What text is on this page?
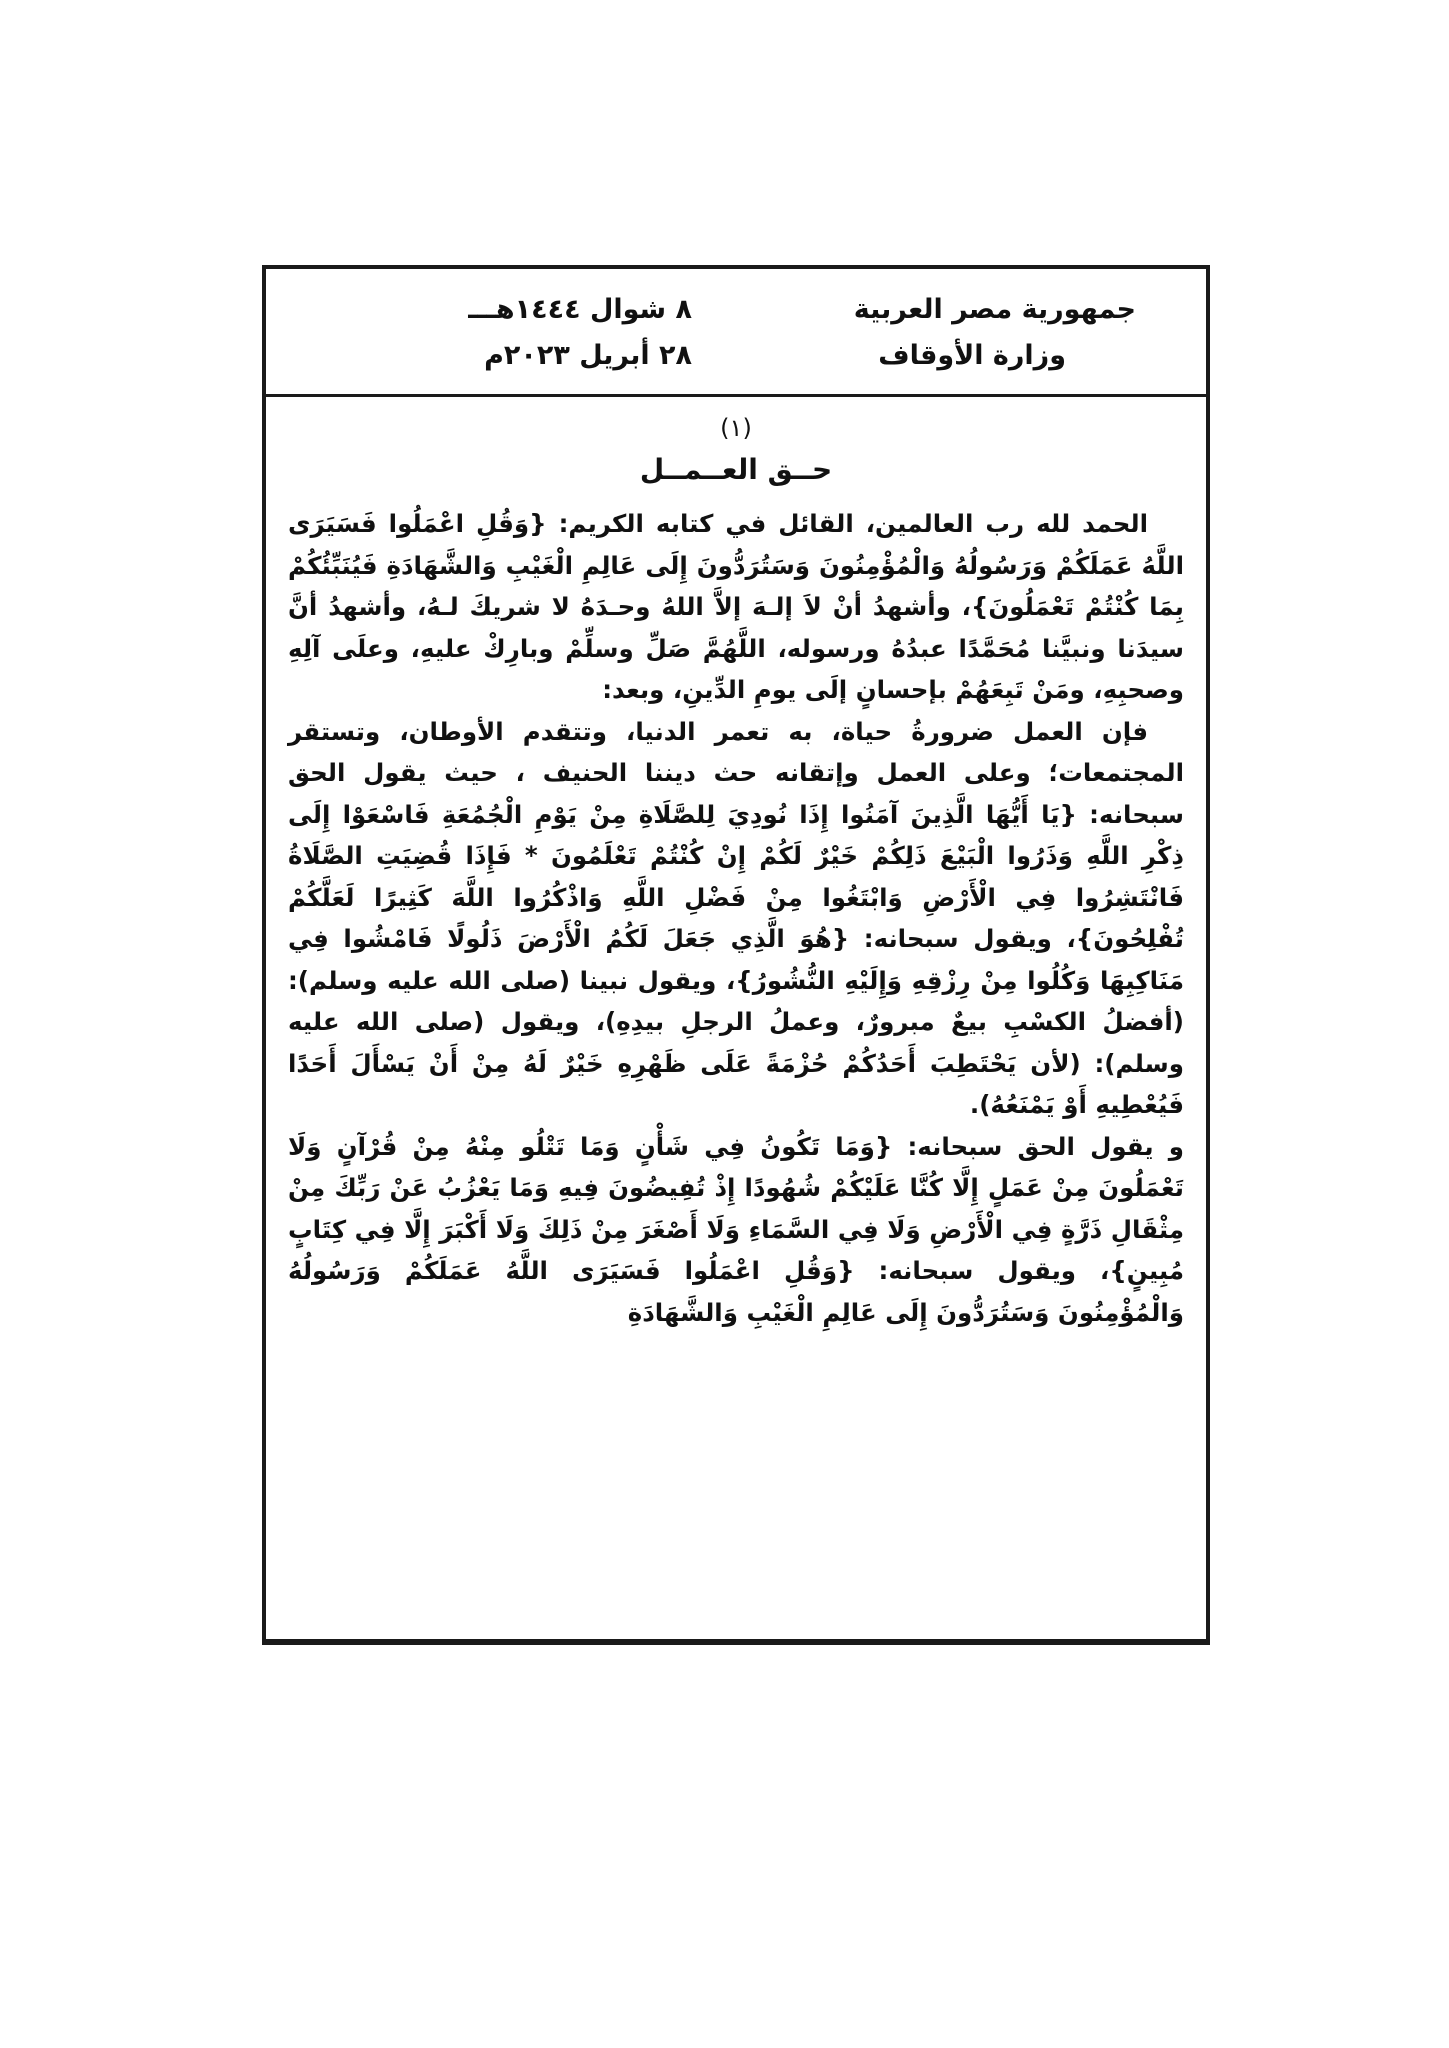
جمهورية مصر العربية
وزارة الأوقاف
٨ شوال ١٤٤٤هـــ
٢٨ أبريل ٢٠٢٣م
(١)
حــق العــمــل

الحمد لله رب العالمين، القائل في كتابه الكريم: {وَقُلِ اعْمَلُوا فَسَيَرَى اللَّهُ عَمَلَكُمْ وَرَسُولُهُ وَالْمُؤْمِنُونَ وَسَتُرَدُّونَ إِلَى عَالِمِ الْغَيْبِ وَالشَّهَادَةِ فَيُنَبِّئُكُمْ بِمَا كُنْتُمْ تَعْمَلُونَ}، وأشهدُ أنْ لاَ إلـهَ إلاَّ اللهُ وحـدَهُ لا شريكَ لـهُ، وأشهدُ أنَّ سيدَنا ونبيَّنا مُحَمَّدًا عبدُهُ ورسوله، اللَّهُمَّ صَلِّ وسلِّمْ وبارِكْ عليهِ، وعلَى آلِهِ وصحبِهِ، ومَنْ تَبِعَهُمْ بإحسانٍ إلَى يومِ الدِّينِ، وبعد:

فإن العمل ضرورةُ حياة، به تعمر الدنيا، وتتقدم الأوطان، وتستقر المجتمعات؛ وعلى العمل وإتقانه حث ديننا الحنيف ، حيث يقول الحق سبحانه: {يَا أَيُّهَا الَّذِينَ آمَنُوا إِذَا نُودِيَ لِلصَّلَاةِ مِنْ يَوْمِ الْجُمُعَةِ فَاسْعَوْا إِلَى ذِكْرِ اللَّهِ وَذَرُوا الْبَيْعَ ذَلِكُمْ خَيْرٌ لَكُمْ إِنْ كُنْتُمْ تَعْلَمُونَ * فَإِذَا قُضِيَتِ الصَّلَاةُ فَانْتَشِرُوا فِي الْأَرْضِ وَابْتَغُوا مِنْ فَضْلِ اللَّهِ وَاذْكُرُوا اللَّهَ كَثِيرًا لَعَلَّكُمْ تُفْلِحُونَ}، ويقول سبحانه: {هُوَ الَّذِي جَعَلَ لَكُمُ الْأَرْضَ ذَلُولًا فَامْشُوا فِي مَنَاكِبِهَا وَكُلُوا مِنْ رِزْقِهِ وَإِلَيْهِ النُّشُورُ}، ويقول نبينا (صلى الله عليه وسلم): (أفضلُ الكسْبِ بيعٌ مبرورٌ، وعملُ الرجلِ بيدِهِ)، ويقول (صلى الله عليه وسلم): (لأن يَحْتَطِبَ أَحَدُكُمْ حُزْمَةً عَلَى ظَهْرِهِ خَيْرٌ لَهُ مِنْ أَنْ يَسْأَلَ أَحَدًا فَيُعْطِيهِ أَوْ يَمْنَعُهُ).

و يقول الحق سبحانه: {وَمَا تَكُونُ فِي شَأْنٍ وَمَا تَتْلُو مِنْهُ مِنْ قُرْآنٍ وَلَا تَعْمَلُونَ مِنْ عَمَلٍ إِلَّا كُنَّا عَلَيْكُمْ شُهُودًا إِذْ تُفِيضُونَ فِيهِ وَمَا يَعْزُبُ عَنْ رَبِّكَ مِنْ مِثْقَالِ ذَرَّةٍ فِي الْأَرْضِ وَلَا فِي السَّمَاءِ وَلَا أَصْغَرَ مِنْ ذَلِكَ وَلَا أَكْبَرَ إِلَّا فِي كِتَابٍ مُبِينٍ}، ويقول سبحانه: {وَقُلِ اعْمَلُوا فَسَيَرَى اللَّهُ عَمَلَكُمْ وَرَسُولُهُ وَالْمُؤْمِنُونَ وَسَتُرَدُّونَ إِلَى عَالِمِ الْغَيْبِ وَالشَّهَادَةِ
